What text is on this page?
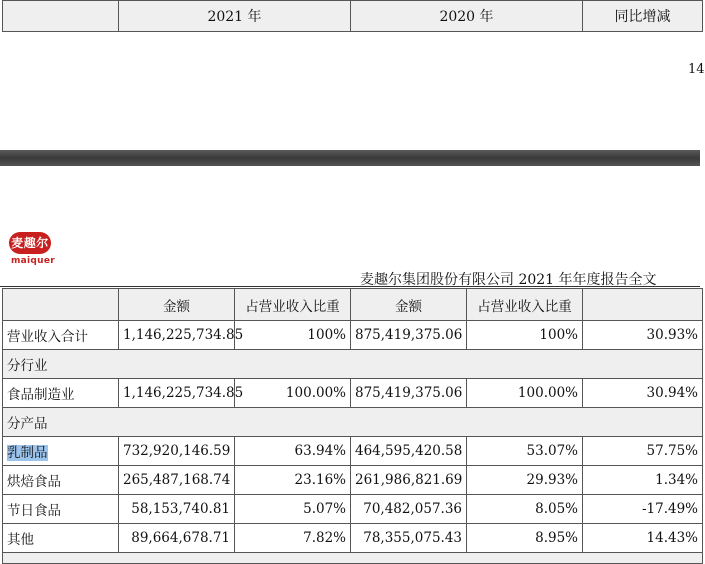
	2021 年	2020 年	同比增减
14
麦趣尔
maiquer
麦趣尔集团股份有限公司 2021 年年度报告全文
	金额	占营业收入比重	金额	占营业收入比重	
营业收入合计	1,146,225,734.85	100%	875,419,375.06	100%	30.93%
分行业					
食品制造业	1,146,225,734.85	100.00%	875,419,375.06	100.00%	30.94%
分产品					
乳制品	732,920,146.59	63.94%	464,595,420.58	53.07%	57.75%
烘焙食品	265,487,168.74	23.16%	261,986,821.69	29.93%	1.34%
节日食品	58,153,740.81	5.07%	70,482,057.36	8.05%	-17.49%
其他	89,664,678.71	7.82%	78,355,075.43	8.95%	14.43%
